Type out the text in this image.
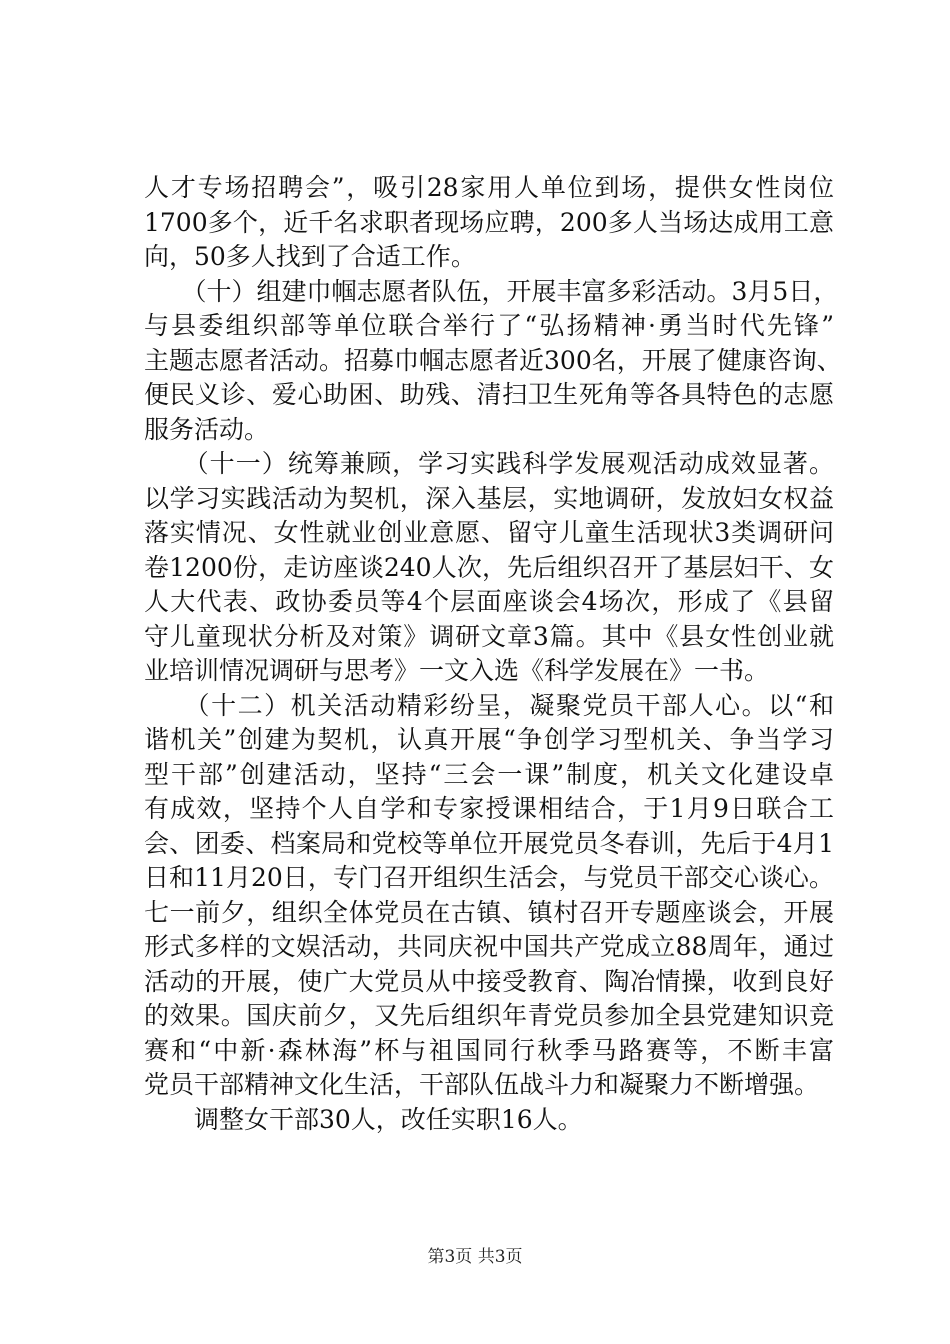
人才专场招聘会”，吸引28家用人单位到场，提供女性岗位
1700多个，近千名求职者现场应聘，200多人当场达成用工意
向，50多人找到了合适工作。
　　（十）组建巾帼志愿者队伍，开展丰富多彩活动。3月5日，
与县委组织部等单位联合举行了“弘扬精神·勇当时代先锋”
主题志愿者活动。招募巾帼志愿者近300名，开展了健康咨询、
便民义诊、爱心助困、助残、清扫卫生死角等各具特色的志愿
服务活动。
　　（十一）统筹兼顾，学习实践科学发展观活动成效显著。
以学习实践活动为契机，深入基层，实地调研，发放妇女权益
落实情况、女性就业创业意愿、留守儿童生活现状3类调研问
卷1200份，走访座谈240人次，先后组织召开了基层妇干、女
人大代表、政协委员等4个层面座谈会4场次，形成了《县留
守儿童现状分析及对策》调研文章3篇。其中《县女性创业就
业培训情况调研与思考》一文入选《科学发展在》一书。
　　（十二）机关活动精彩纷呈，凝聚党员干部人心。以“和
谐机关”创建为契机，认真开展“争创学习型机关、争当学习
型干部”创建活动，坚持“三会一课”制度，机关文化建设卓
有成效，坚持个人自学和专家授课相结合，于1月9日联合工
会、团委、档案局和党校等单位开展党员冬春训，先后于4月1
日和11月20日，专门召开组织生活会，与党员干部交心谈心。
七一前夕，组织全体党员在古镇、镇村召开专题座谈会，开展
形式多样的文娱活动，共同庆祝中国共产党成立88周年，通过
活动的开展，使广大党员从中接受教育、陶冶情操，收到良好
的效果。国庆前夕，又先后组织年青党员参加全县党建知识竞
赛和“中新·森林海”杯与祖国同行秋季马路赛等，不断丰富
党员干部精神文化生活，干部队伍战斗力和凝聚力不断增强。
　　调整女干部30人，改任实职16人。
第3页 共3页
